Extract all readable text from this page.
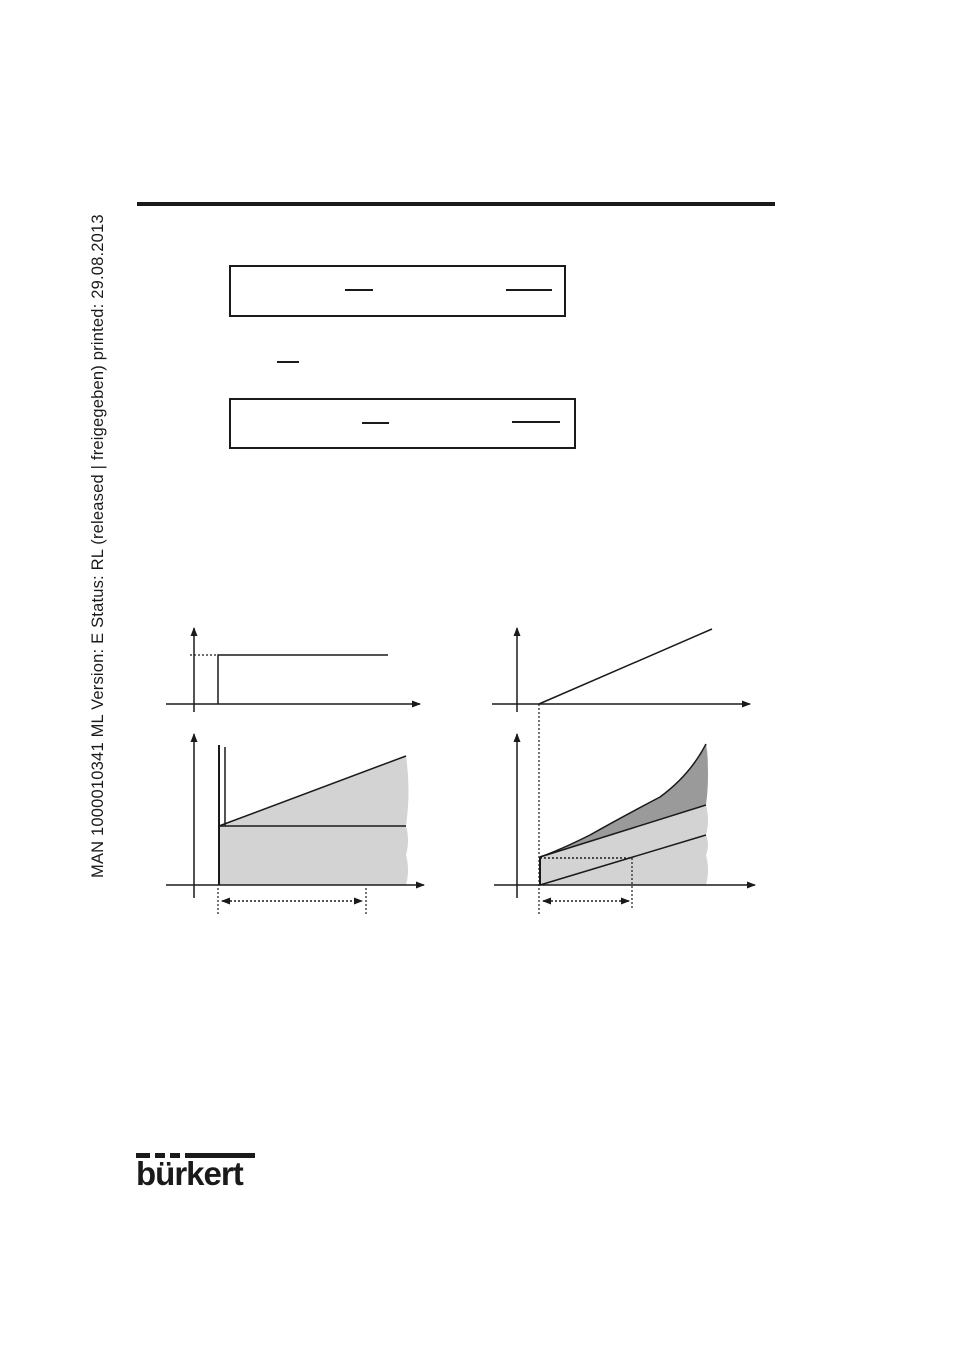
MAN 1000010341 ML Version: E Status: RL (released | freigegeben) printed: 29.08.2013
bürkert
